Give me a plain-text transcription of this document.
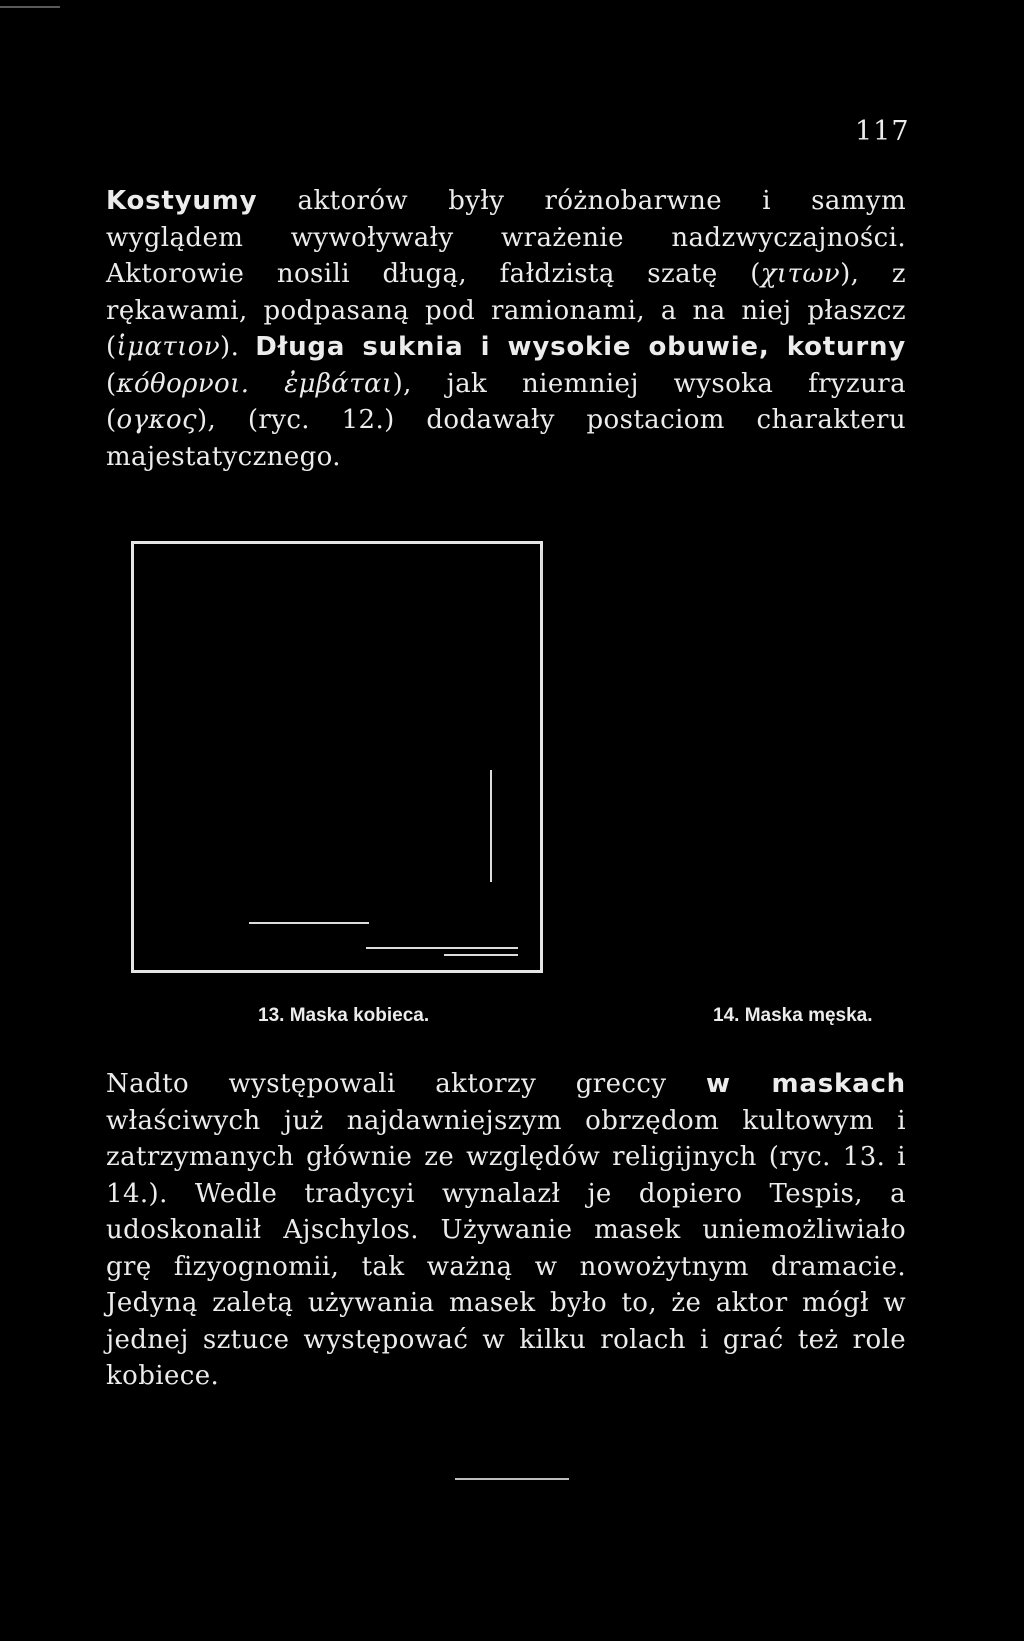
117

Kostyumy aktorów były różnobarwne i samym wyglądem wywoływały wrażenie nadzwyczajności. Aktorowie nosili długą, fałdzistą szatę (χιτων), z rękawami, podpasaną pod ramionami, a na niej płaszcz (ἱματιον). Długa suknia i wysokie obuwie, koturny (κόθορνοι. ἐμβάται), jak niemniej wysoka fryzura (ογκος), (ryc. 12.) dodawały postaciom charakteru majestatycznego.

13. Maska kobieca.	14. Maska męska.

Nadto występowali aktorzy greccy w maskach właściwych już najdawniejszym obrzędom kultowym i zatrzymanych głównie ze względów religijnych (ryc. 13. i 14.). Wedle tradycyi wynalazł je dopiero Tespis, a udoskonalił Ajschylos. Używanie masek uniemożliwiało grę fizyognomii, tak ważną w nowożytnym dramacie. Jedyną zaletą używania masek było to, że aktor mógł w jednej sztuce występować w kilku rolach i grać też role kobiece.
